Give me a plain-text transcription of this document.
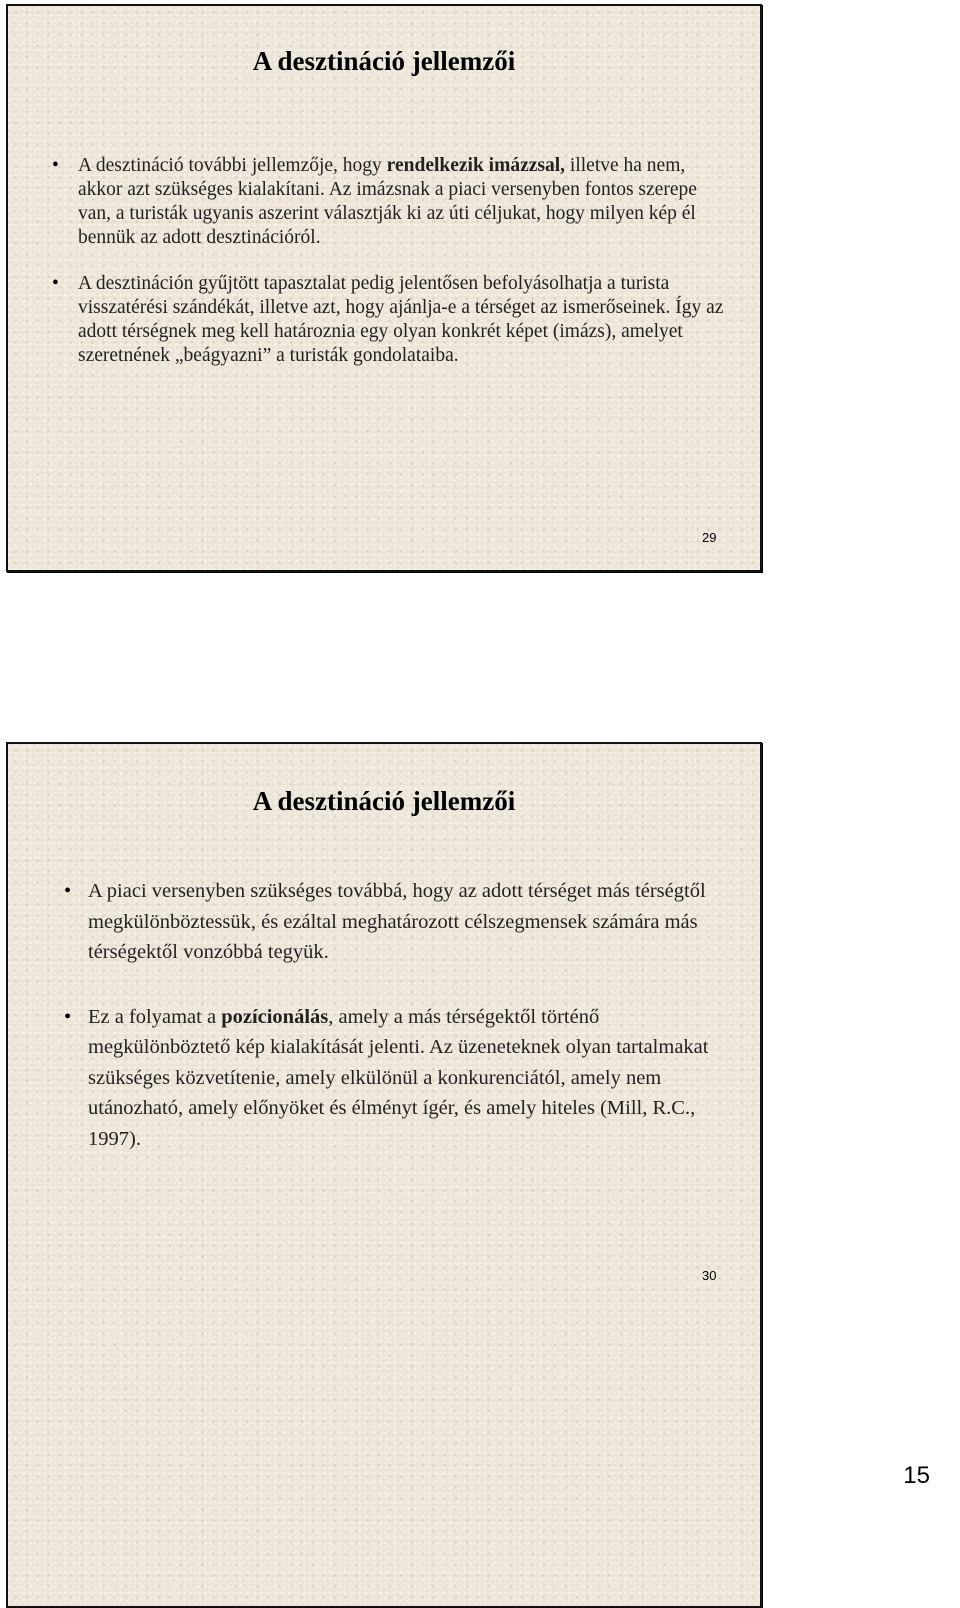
A desztináció jellemzői
• A desztináció további jellemzője, hogy rendelkezik imázzsal, illetve ha nem, akkor azt szükséges kialakítani. Az imázsnak a piaci versenyben fontos szerepe van, a turisták ugyanis aszerint választják ki az úti céljukat, hogy milyen kép él bennük az adott desztinációról.
• A desztináción gyűjtött tapasztalat pedig jelentősen befolyásolhatja a turista visszatérési szándékát, illetve azt, hogy ajánlja-e a térséget az ismerőseinek. Így az adott térségnek meg kell határoznia egy olyan konkrét képet (imázs), amelyet szeretnének „beágyazni” a turisták gondolataiba.
29
A desztináció jellemzői
• A piaci versenyben szükséges továbbá, hogy az adott térséget más térségtől megkülönböztessük, és ezáltal meghatározott célszegmensek számára más térségektől vonzóbbá tegyük.
• Ez a folyamat a pozícionálás, amely a más térségektől történő megkülönböztető kép kialakítását jelenti. Az üzeneteknek olyan tartalmakat szükséges közvetítenie, amely elkülönül a konkurenciától, amely nem utánozható, amely előnyöket és élményt ígér, és amely hiteles (Mill, R.C., 1997).
30
15
